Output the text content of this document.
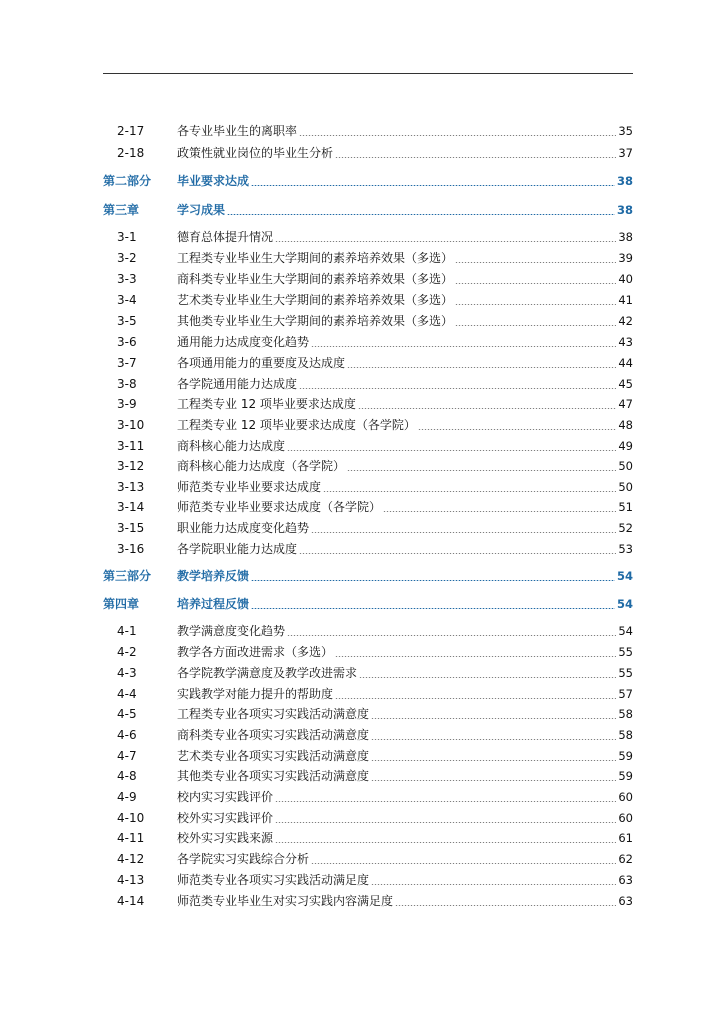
2-17	各专业毕业生的离职率	35
2-18	政策性就业岗位的毕业生分析	37
第二部分	毕业要求达成	38
第三章	学习成果	38
3-1	德育总体提升情况	38
3-2	工程类专业毕业生大学期间的素养培养效果（多选）	39
3-3	商科类专业毕业生大学期间的素养培养效果（多选）	40
3-4	艺术类专业毕业生大学期间的素养培养效果（多选）	41
3-5	其他类专业毕业生大学期间的素养培养效果（多选）	42
3-6	通用能力达成度变化趋势	43
3-7	各项通用能力的重要度及达成度	44
3-8	各学院通用能力达成度	45
3-9	工程类专业 12 项毕业要求达成度	47
3-10	工程类专业 12 项毕业要求达成度（各学院）	48
3-11	商科核心能力达成度	49
3-12	商科核心能力达成度（各学院）	50
3-13	师范类专业毕业要求达成度	50
3-14	师范类专业毕业要求达成度（各学院）	51
3-15	职业能力达成度变化趋势	52
3-16	各学院职业能力达成度	53
第三部分	教学培养反馈	54
第四章	培养过程反馈	54
4-1	教学满意度变化趋势	54
4-2	教学各方面改进需求（多选）	55
4-3	各学院教学满意度及教学改进需求	55
4-4	实践教学对能力提升的帮助度	57
4-5	工程类专业各项实习实践活动满意度	58
4-6	商科类专业各项实习实践活动满意度	58
4-7	艺术类专业各项实习实践活动满意度	59
4-8	其他类专业各项实习实践活动满意度	59
4-9	校内实习实践评价	60
4-10	校外实习实践评价	60
4-11	校外实习实践来源	61
4-12	各学院实习实践综合分析	62
4-13	师范类专业各项实习实践活动满足度	63
4-14	师范类专业毕业生对实习实践内容满足度	63
